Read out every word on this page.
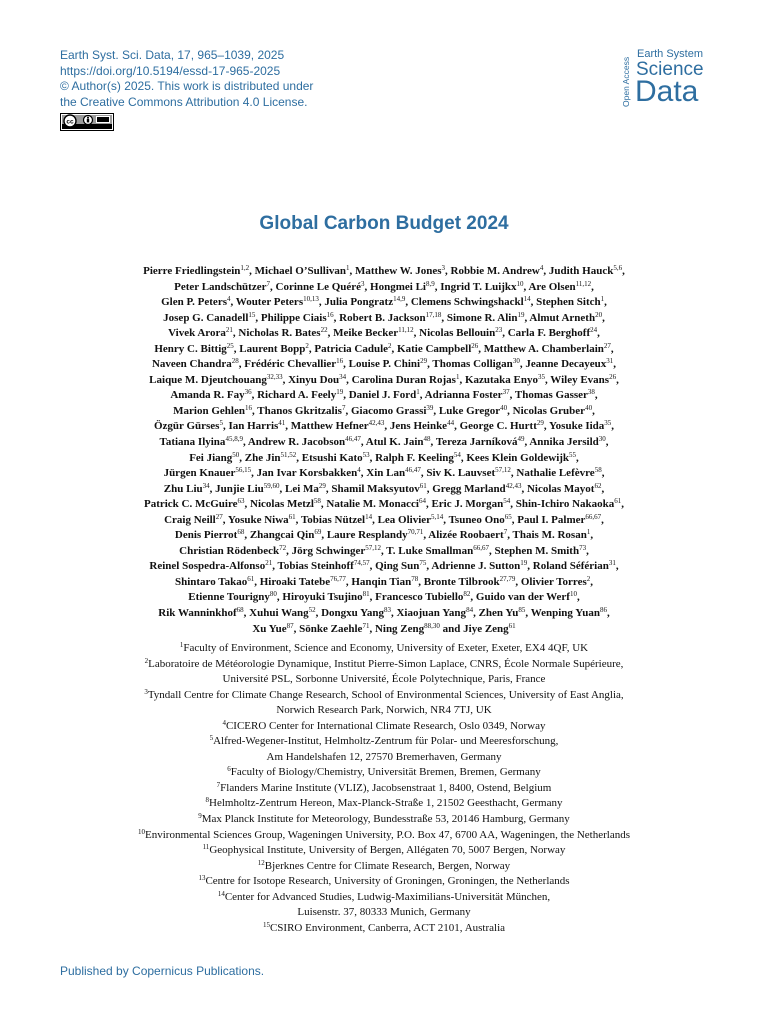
Earth Syst. Sci. Data, 17, 965–1039, 2025
https://doi.org/10.5194/essd-17-965-2025
© Author(s) 2025. This work is distributed under
the Creative Commons Attribution 4.0 License.
cc
Open Access
Earth System
Science
Data
Global Carbon Budget 2024
Pierre Friedlingstein$^{1,2}$, Michael O’Sullivan$^1$, Matthew W. Jones$^3$, Robbie M. Andrew$^4$, Judith Hauck$^{5,6}$,
Peter Landschützer$^7$, Corinne Le Quéré$^3$, Hongmei Li$^{8,9}$, Ingrid T. Luijkx$^{10}$, Are Olsen$^{11,12}$,
Glen P. Peters$^4$, Wouter Peters$^{10,13}$, Julia Pongratz$^{14,9}$, Clemens Schwingshackl$^{14}$, Stephen Sitch$^1$,
Josep G. Canadell$^{15}$, Philippe Ciais$^{16}$, Robert B. Jackson$^{17,18}$, Simone R. Alin$^{19}$, Almut Arneth$^{20}$,
Vivek Arora$^{21}$, Nicholas R. Bates$^{22}$, Meike Becker$^{11,12}$, Nicolas Bellouin$^{23}$, Carla F. Berghoff$^{24}$,
Henry C. Bittig$^{25}$, Laurent Bopp$^2$, Patricia Cadule$^2$, Katie Campbell$^{26}$, Matthew A. Chamberlain$^{27}$,
Naveen Chandra$^{28}$, Frédéric Chevallier$^{16}$, Louise P. Chini$^{29}$, Thomas Colligan$^{30}$, Jeanne Decayeux$^{31}$,
Laique M. Djeutchouang$^{32,33}$, Xinyu Dou$^{34}$, Carolina Duran Rojas$^1$, Kazutaka Enyo$^{35}$, Wiley Evans$^{26}$,
Amanda R. Fay$^{36}$, Richard A. Feely$^{19}$, Daniel J. Ford$^1$, Adrianna Foster$^{37}$, Thomas Gasser$^{38}$,
Marion Gehlen$^{16}$, Thanos Gkritzalis$^7$, Giacomo Grassi$^{39}$, Luke Gregor$^{40}$, Nicolas Gruber$^{40}$,
Özgür Gürses$^5$, Ian Harris$^{41}$, Matthew Hefner$^{42,43}$, Jens Heinke$^{44}$, George C. Hurtt$^{29}$, Yosuke Iida$^{35}$,
Tatiana Ilyina$^{45,8,9}$, Andrew R. Jacobson$^{46,47}$, Atul K. Jain$^{48}$, Tereza Jarníková$^{49}$, Annika Jersild$^{30}$,
Fei Jiang$^{50}$, Zhe Jin$^{51,52}$, Etsushi Kato$^{53}$, Ralph F. Keeling$^{54}$, Kees Klein Goldewijk$^{55}$,
Jürgen Knauer$^{56,15}$, Jan Ivar Korsbakken$^4$, Xin Lan$^{46,47}$, Siv K. Lauvset$^{57,12}$, Nathalie Lefèvre$^{58}$,
Zhu Liu$^{34}$, Junjie Liu$^{59,60}$, Lei Ma$^{29}$, Shamil Maksyutov$^{61}$, Gregg Marland$^{42,43}$, Nicolas Mayot$^{62}$,
Patrick C. McGuire$^{63}$, Nicolas Metzl$^{58}$, Natalie M. Monacci$^{64}$, Eric J. Morgan$^{54}$, Shin-Ichiro Nakaoka$^{61}$,
Craig Neill$^{27}$, Yosuke Niwa$^{61}$, Tobias Nützel$^{14}$, Lea Olivier$^{5,14}$, Tsuneo Ono$^{65}$, Paul I. Palmer$^{66,67}$,
Denis Pierrot$^{68}$, Zhangcai Qin$^{69}$, Laure Resplandy$^{70,71}$, Alizée Roobaert$^7$, Thais M. Rosan$^1$,
Christian Rödenbeck$^{72}$, Jörg Schwinger$^{57,12}$, T. Luke Smallman$^{66,67}$, Stephen M. Smith$^{73}$,
Reinel Sospedra-Alfonso$^{21}$, Tobias Steinhoff$^{74,57}$, Qing Sun$^{75}$, Adrienne J. Sutton$^{19}$, Roland Séférian$^{31}$,
Shintaro Takao$^{61}$, Hiroaki Tatebe$^{76,77}$, Hanqin Tian$^{78}$, Bronte Tilbrook$^{27,79}$, Olivier Torres$^2$,
Etienne Tourigny$^{80}$, Hiroyuki Tsujino$^{81}$, Francesco Tubiello$^{82}$, Guido van der Werf$^{10}$,
Rik Wanninkhof$^{68}$, Xuhui Wang$^{52}$, Dongxu Yang$^{83}$, Xiaojuan Yang$^{84}$, Zhen Yu$^{85}$, Wenping Yuan$^{86}$,
Xu Yue$^{87}$, Sönke Zaehle$^{71}$, Ning Zeng$^{88,30}$ and Jiye Zeng$^{61}$
$^1$Faculty of Environment, Science and Economy, University of Exeter, Exeter, EX4 4QF, UK
$^2$Laboratoire de Météorologie Dynamique, Institut Pierre-Simon Laplace, CNRS, École Normale Supérieure,
Université PSL, Sorbonne Université, École Polytechnique, Paris, France
$^3$Tyndall Centre for Climate Change Research, School of Environmental Sciences, University of East Anglia,
Norwich Research Park, Norwich, NR4 7TJ, UK
$^4$CICERO Center for International Climate Research, Oslo 0349, Norway
$^5$Alfred-Wegener-Institut, Helmholtz-Zentrum für Polar- und Meeresforschung,
Am Handelshafen 12, 27570 Bremerhaven, Germany
$^6$Faculty of Biology/Chemistry, Universität Bremen, Bremen, Germany
$^7$Flanders Marine Institute (VLIZ), Jacobsenstraat 1, 8400, Ostend, Belgium
$^8$Helmholtz-Zentrum Hereon, Max-Planck-Straße 1, 21502 Geesthacht, Germany
$^9$Max Planck Institute for Meteorology, Bundesstraße 53, 20146 Hamburg, Germany
$^{10}$Environmental Sciences Group, Wageningen University, P.O. Box 47, 6700 AA, Wageningen, the Netherlands
$^{11}$Geophysical Institute, University of Bergen, Allégaten 70, 5007 Bergen, Norway
$^{12}$Bjerknes Centre for Climate Research, Bergen, Norway
$^{13}$Centre for Isotope Research, University of Groningen, Groningen, the Netherlands
$^{14}$Center for Advanced Studies, Ludwig-Maximilians-Universität München,
Luisenstr. 37, 80333 Munich, Germany
$^{15}$CSIRO Environment, Canberra, ACT 2101, Australia
Published by Copernicus Publications.
